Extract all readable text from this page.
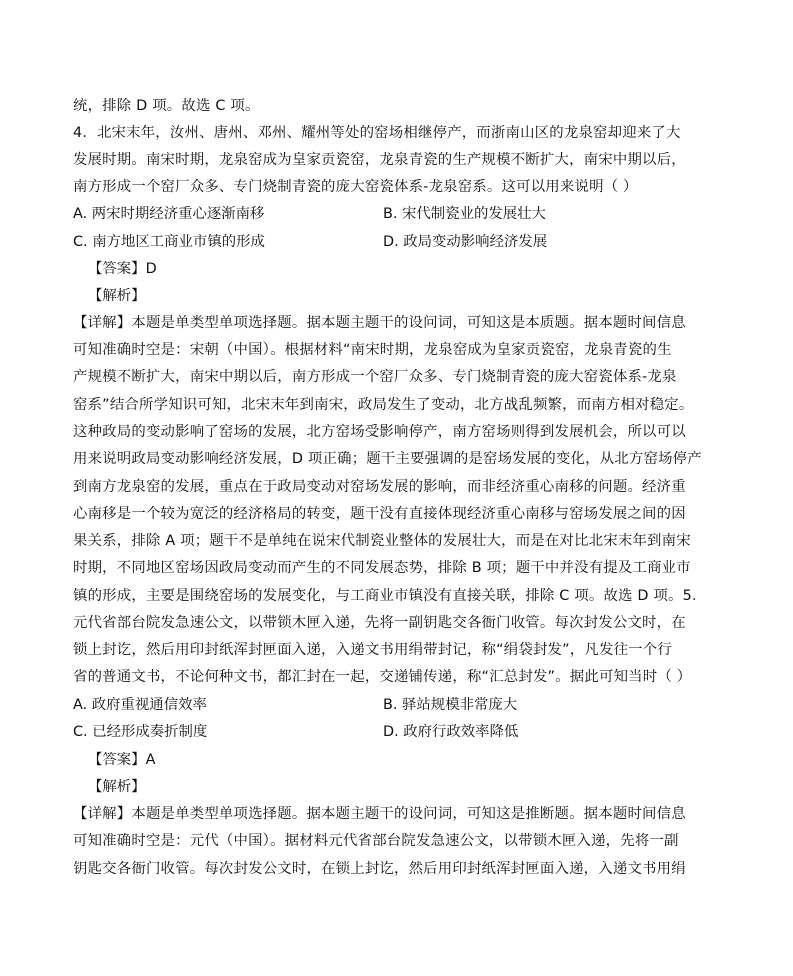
统，排除 D 项。故选 C 项。
4．北宋末年，汝州、唐州、邓州、耀州等处的窑场相继停产，而浙南山区的龙泉窑却迎来了大
发展时期。南宋时期，龙泉窑成为皇家贡瓷窑，龙泉青瓷的生产规模不断扩大，南宋中期以后，
南方形成一个窑厂众多、专门烧制青瓷的庞大窑瓷体系-龙泉窑系。这可以用来说明（ ）
A. 两宋时期经济重心逐渐南移	B. 宋代制瓷业的发展壮大
C. 南方地区工商业市镇的形成	D. 政局变动影响经济发展
【答案】D
【解析】
【详解】本题是单类型单项选择题。据本题主题干的设问词，可知这是本质题。据本题时间信息
可知准确时空是：宋朝（中国）。根据材料“南宋时期，龙泉窑成为皇家贡瓷窑，龙泉青瓷的生
产规模不断扩大，南宋中期以后，南方形成一个窑厂众多、专门烧制青瓷的庞大窑瓷体系-龙泉
窑系”结合所学知识可知，北宋末年到南宋，政局发生了变动，北方战乱频繁，而南方相对稳定。
这种政局的变动影响了窑场的发展，北方窑场受影响停产，南方窑场则得到发展机会，所以可以
用来说明政局变动影响经济发展，D 项正确；题干主要强调的是窑场发展的变化，从北方窑场停产
到南方龙泉窑的发展，重点在于政局变动对窑场发展的影响，而非经济重心南移的问题。经济重
心南移是一个较为宽泛的经济格局的转变，题干没有直接体现经济重心南移与窑场发展之间的因
果关系，排除 A 项；题干不是单纯在说宋代制瓷业整体的发展壮大，而是在对比北宋末年到南宋
时期，不同地区窑场因政局变动而产生的不同发展态势，排除 B 项；题干中并没有提及工商业市
镇的形成，主要是围绕窑场的发展变化，与工商业市镇没有直接关联，排除 C 项。故选 D 项。5．
元代省部台院发急速公文，以带锁木匣入递，先将一副钥匙交各衙门收管。每次封发公文时，在
锁上封讫，然后用印封纸浑封匣面入递，入递文书用绢带封记，称“绢袋封发”，凡发往一个行
省的普通文书，不论何种文书，都汇封在一起，交递铺传递，称“汇总封发”。据此可知当时（ ）
A. 政府重视通信效率	B. 驿站规模非常庞大
C. 已经形成奏折制度	D. 政府行政效率降低
【答案】A
【解析】
【详解】本题是单类型单项选择题。据本题主题干的设问词，可知这是推断题。据本题时间信息
可知准确时空是：元代（中国）。据材料元代省部台院发急速公文，以带锁木匣入递，先将一副
钥匙交各衙门收管。每次封发公文时，在锁上封讫，然后用印封纸浑封匣面入递，入递文书用绢
